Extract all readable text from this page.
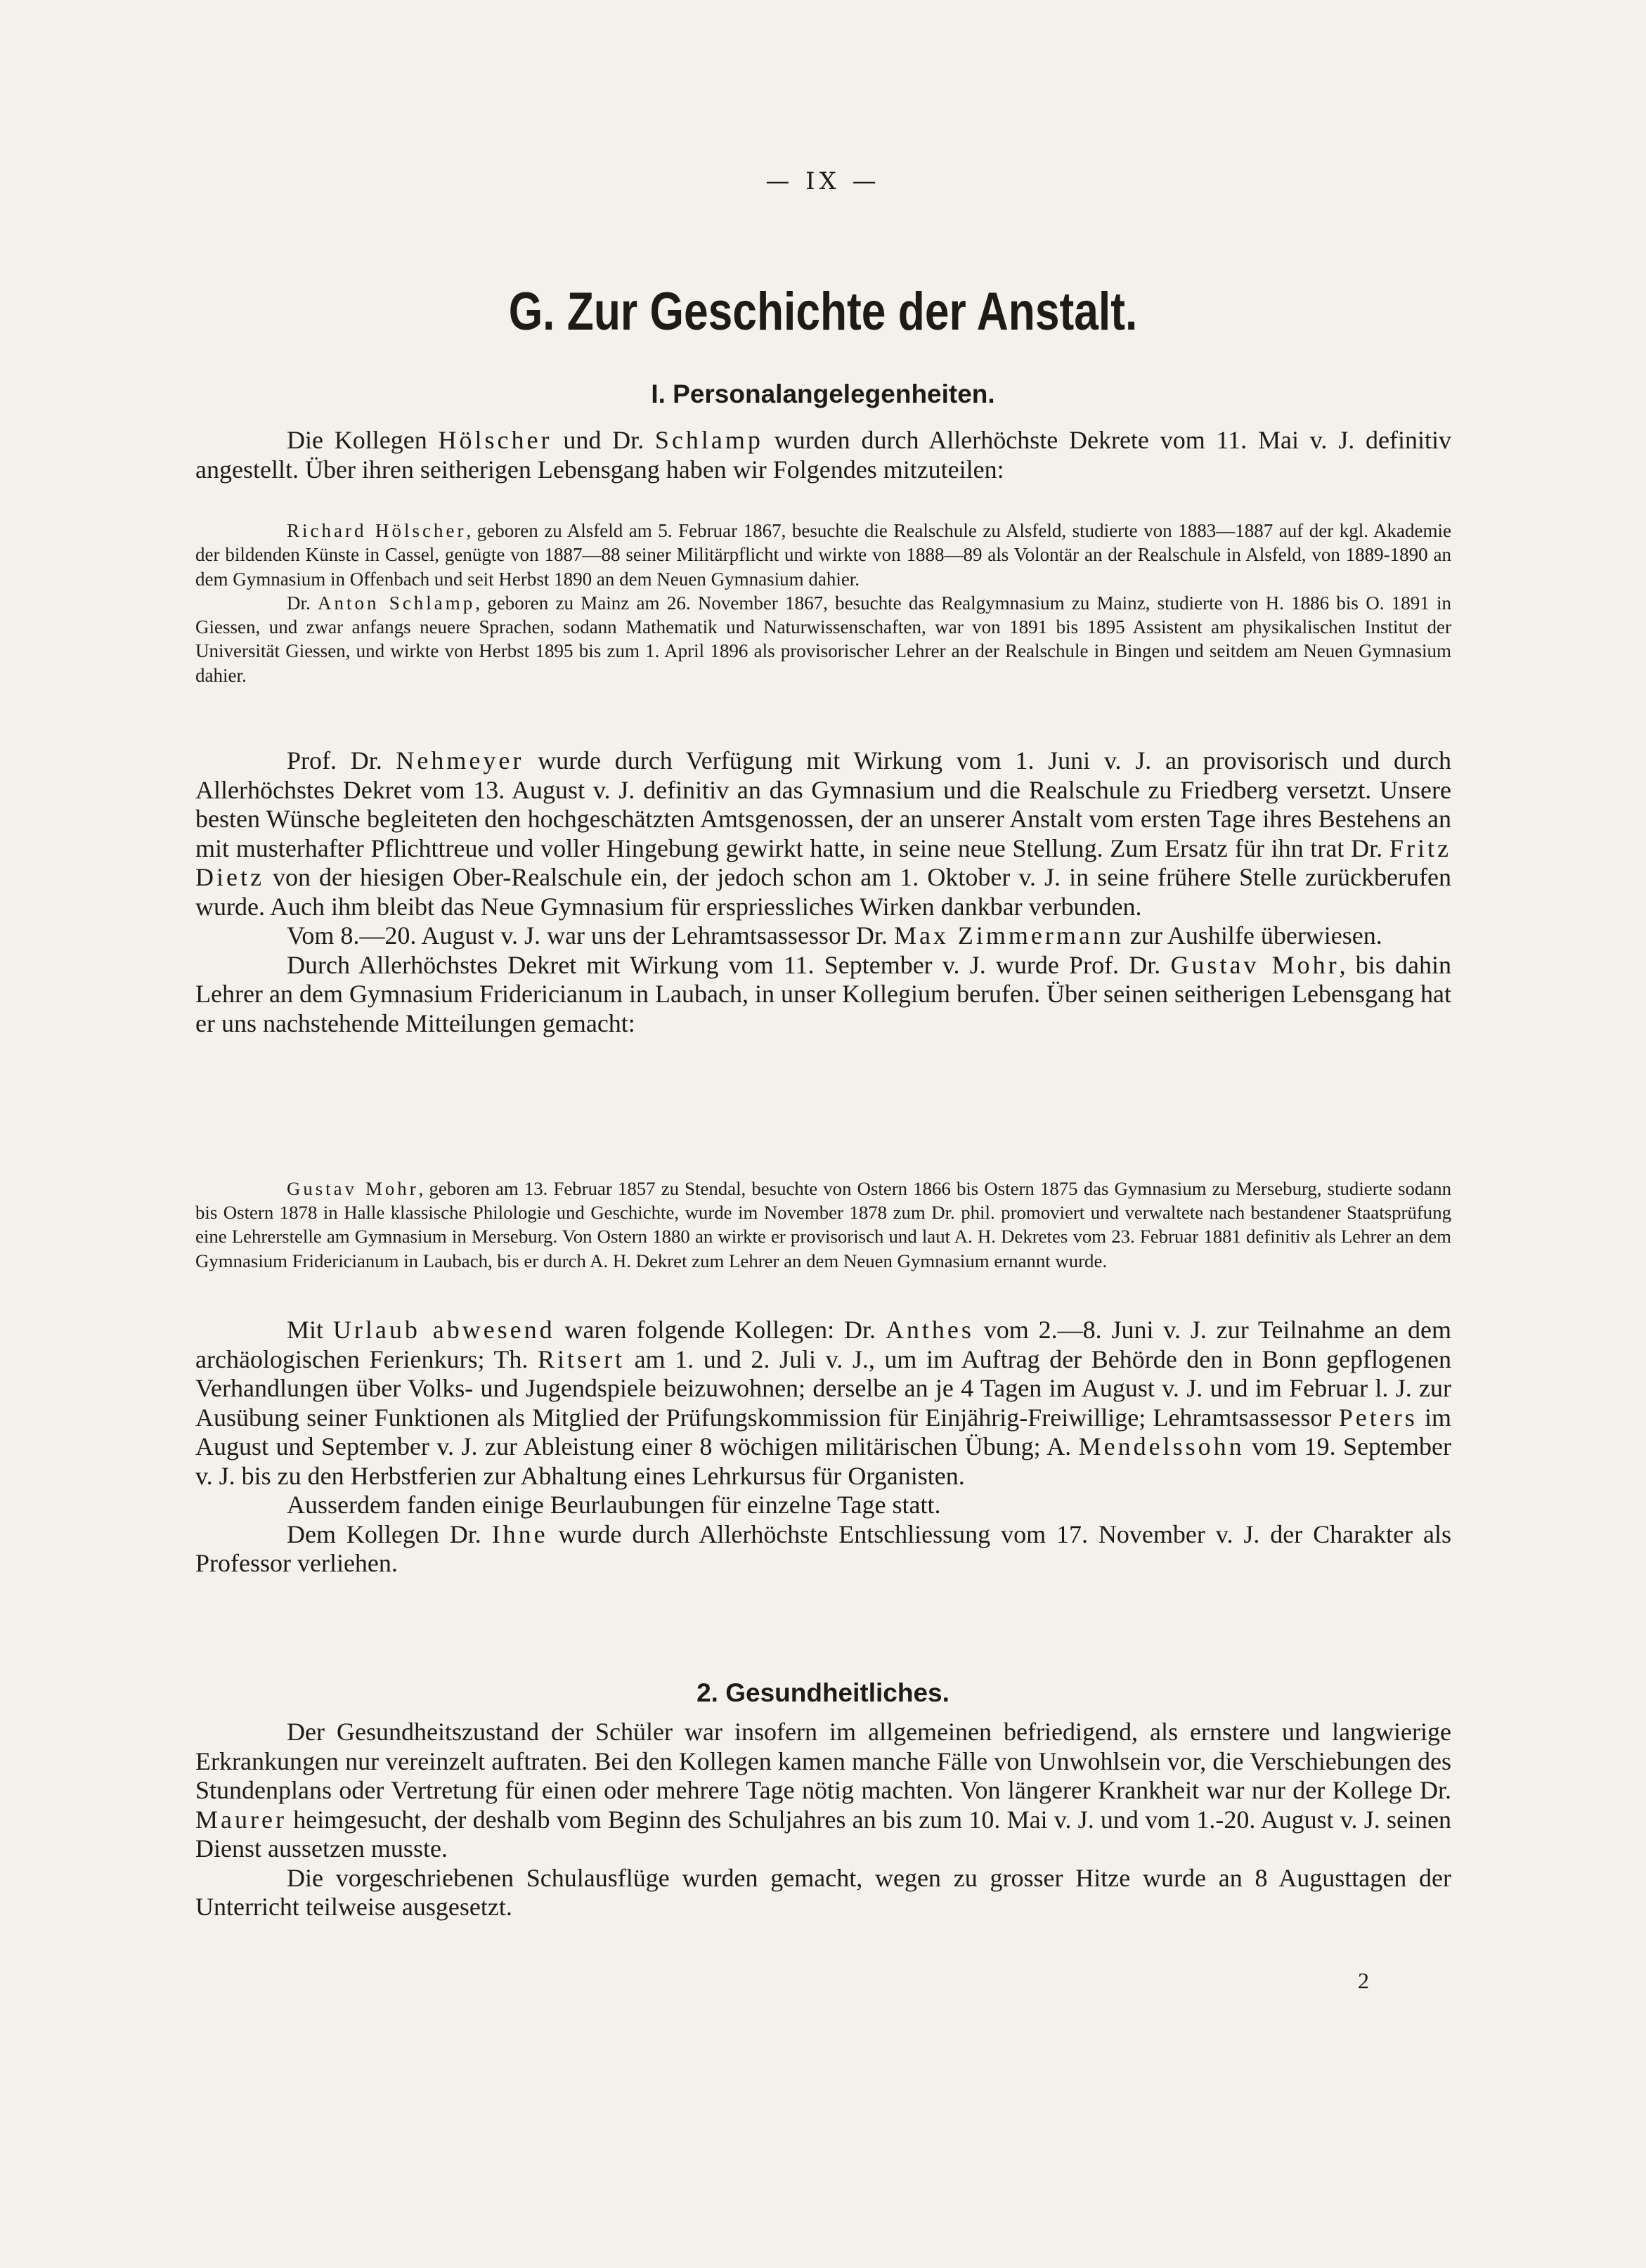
— IX —
G. Zur Geschichte der Anstalt.
I. Personalangelegenheiten.

Die Kollegen Hölscher und Dr. Schlamp wurden durch Allerhöchste Dekrete vom 11. Mai v. J. definitiv angestellt. Über ihren seitherigen Lebensgang haben wir Folgendes mitzuteilen:

Richard Hölscher, geboren zu Alsfeld am 5. Februar 1867, besuchte die Realschule zu Alsfeld, studierte von 1883—1887 auf der kgl. Akademie der bildenden Künste in Cassel, genügte von 1887—88 seiner Militärpflicht und wirkte von 1888—89 als Volontär an der Realschule in Alsfeld, von 1889-1890 an dem Gymnasium in Offenbach und seit Herbst 1890 an dem Neuen Gymnasium dahier.

Dr. Anton Schlamp, geboren zu Mainz am 26. November 1867, besuchte das Realgymnasium zu Mainz, studierte von H. 1886 bis O. 1891 in Giessen, und zwar anfangs neuere Sprachen, sodann Mathematik und Naturwissenschaften, war von 1891 bis 1895 Assistent am physikalischen Institut der Universität Giessen, und wirkte von Herbst 1895 bis zum 1. April 1896 als provisorischer Lehrer an der Realschule in Bingen und seitdem am Neuen Gymnasium dahier.

Prof. Dr. Nehmeyer wurde durch Verfügung mit Wirkung vom 1. Juni v. J. an provisorisch und durch Allerhöchstes Dekret vom 13. August v. J. definitiv an das Gymnasium und die Realschule zu Friedberg versetzt. Unsere besten Wünsche begleiteten den hochgeschätzten Amtsgenossen, der an unserer Anstalt vom ersten Tage ihres Bestehens an mit musterhafter Pflichttreue und voller Hingebung gewirkt hatte, in seine neue Stellung. Zum Ersatz für ihn trat Dr. Fritz Dietz von der hiesigen Ober-Realschule ein, der jedoch schon am 1. Oktober v. J. in seine frühere Stelle zurückberufen wurde. Auch ihm bleibt das Neue Gymnasium für erspriessliches Wirken dankbar verbunden.

Vom 8.—20. August v. J. war uns der Lehramtsassessor Dr. Max Zimmermann zur Aushilfe überwiesen.

Durch Allerhöchstes Dekret mit Wirkung vom 11. September v. J. wurde Prof. Dr. Gustav Mohr, bis dahin Lehrer an dem Gymnasium Fridericianum in Laubach, in unser Kollegium berufen. Über seinen seitherigen Lebensgang hat er uns nachstehende Mitteilungen gemacht:

Gustav Mohr, geboren am 13. Februar 1857 zu Stendal, besuchte von Ostern 1866 bis Ostern 1875 das Gymnasium zu Merseburg, studierte sodann bis Ostern 1878 in Halle klassische Philologie und Geschichte, wurde im November 1878 zum Dr. phil. promoviert und verwaltete nach bestandener Staatsprüfung eine Lehrerstelle am Gymnasium in Merseburg. Von Ostern 1880 an wirkte er provisorisch und laut A. H. Dekretes vom 23. Februar 1881 definitiv als Lehrer an dem Gymnasium Fridericianum in Laubach, bis er durch A. H. Dekret zum Lehrer an dem Neuen Gymnasium ernannt wurde.

Mit Urlaub abwesend waren folgende Kollegen: Dr. Anthes vom 2.—8. Juni v. J. zur Teilnahme an dem archäologischen Ferienkurs; Th. Ritsert am 1. und 2. Juli v. J., um im Auftrag der Behörde den in Bonn gepflogenen Verhandlungen über Volks- und Jugendspiele beizuwohnen; derselbe an je 4 Tagen im August v. J. und im Februar l. J. zur Ausübung seiner Funktionen als Mitglied der Prüfungskommission für Einjährig-Freiwillige; Lehramtsassessor Peters im August und September v. J. zur Ableistung einer 8 wöchigen militärischen Übung; A. Mendelssohn vom 19. September v. J. bis zu den Herbstferien zur Abhaltung eines Lehrkursus für Organisten.

Ausserdem fanden einige Beurlaubungen für einzelne Tage statt.

Dem Kollegen Dr. Ihne wurde durch Allerhöchste Entschliessung vom 17. November v. J. der Charakter als Professor verliehen.

2. Gesundheitliches.

Der Gesundheitszustand der Schüler war insofern im allgemeinen befriedigend, als ernstere und langwierige Erkrankungen nur vereinzelt auftraten. Bei den Kollegen kamen manche Fälle von Unwohlsein vor, die Verschiebungen des Stundenplans oder Vertretung für einen oder mehrere Tage nötig machten. Von längerer Krankheit war nur der Kollege Dr. Maurer heimgesucht, der deshalb vom Beginn des Schuljahres an bis zum 10. Mai v. J. und vom 1.-20. August v. J. seinen Dienst aussetzen musste.

Die vorgeschriebenen Schulausflüge wurden gemacht, wegen zu grosser Hitze wurde an 8 Augusttagen der Unterricht teilweise ausgesetzt.

2
